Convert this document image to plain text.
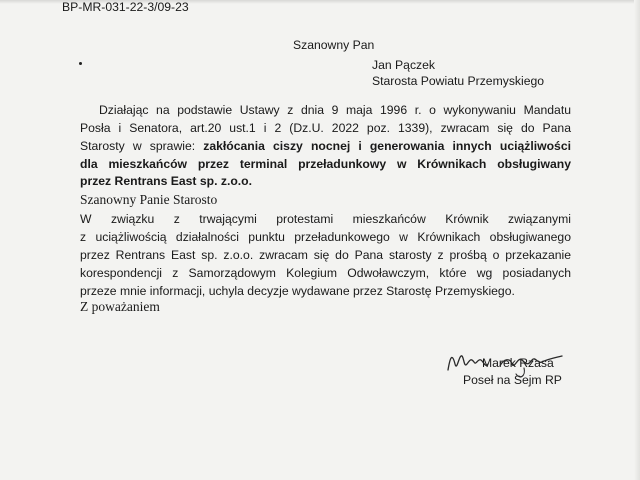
BP-MR-031-22-3/09-23
Szanowny Pan
Jan Pączek
Starosta Powiatu Przemyskiego
Działając na podstawie Ustawy z dnia 9 maja 1996 r. o wykonywaniu Mandatu
Posła i Senatora, art.20 ust.1 i 2 (Dz.U. 2022 poz. 1339), zwracam się do Pana
Starosty w sprawie: zakłócania ciszy nocnej i generowania innych uciążliwości
dla mieszkańców przez terminal przeładunkowy w Krównikach obsługiwany
przez Rentrans East sp. z.o.o.
Szanowny Panie Starosto
W związku z trwającymi protestami mieszkańców Krównik związanymi
z uciążliwością działalności punktu przeładunkowego w Krównikach obsługiwanego
przez Rentrans East sp. z.o.o. zwracam się do Pana starosty z prośbą o przekazanie
korespondencji z Samorządowym Kolegium Odwoławczym, które wg posiadanych
przeze mnie informacji, uchyla decyzje wydawane przez Starostę Przemyskiego.
Z poważaniem
Marek Rzasa
Poseł na Sejm RP
